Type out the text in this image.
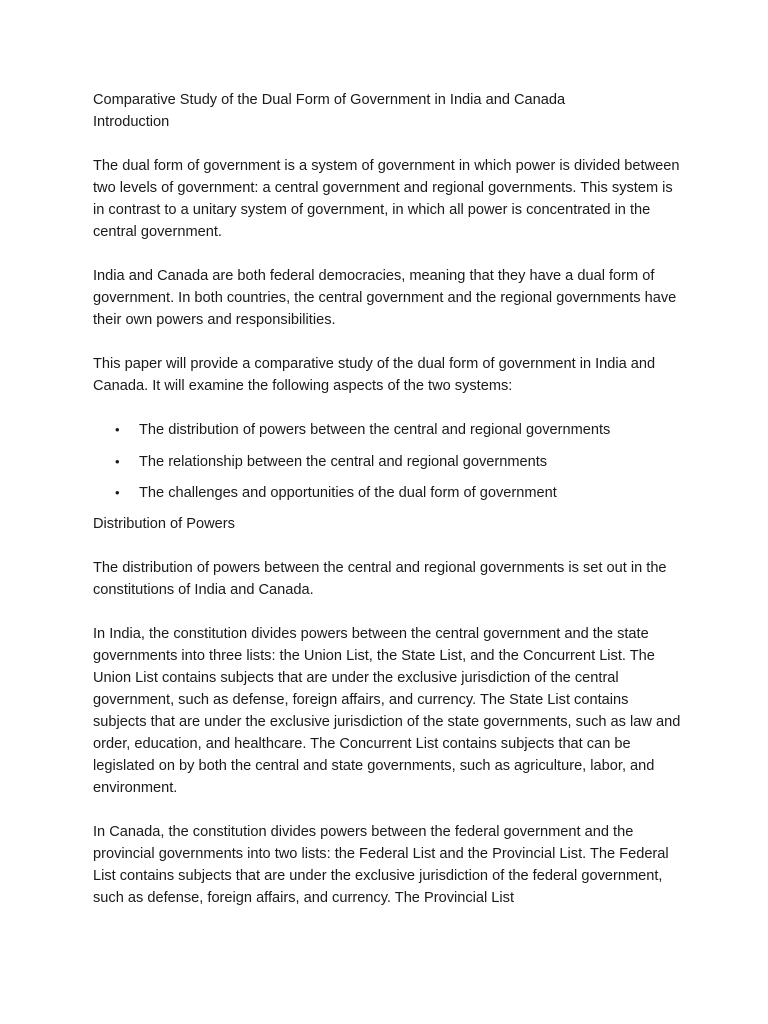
Comparative Study of the Dual Form of Government in India and Canada

Introduction

The dual form of government is a system of government in which power is divided between two levels of government: a central government and regional governments. This system is in contrast to a unitary system of government, in which all power is concentrated in the central government.

India and Canada are both federal democracies, meaning that they have a dual form of government. In both countries, the central government and the regional governments have their own powers and responsibilities.

This paper will provide a comparative study of the dual form of government in India and Canada. It will examine the following aspects of the two systems:

• The distribution of powers between the central and regional governments
• The relationship between the central and regional governments
• The challenges and opportunities of the dual form of government

Distribution of Powers

The distribution of powers between the central and regional governments is set out in the constitutions of India and Canada.

In India, the constitution divides powers between the central government and the state governments into three lists: the Union List, the State List, and the Concurrent List. The Union List contains subjects that are under the exclusive jurisdiction of the central government, such as defense, foreign affairs, and currency. The State List contains subjects that are under the exclusive jurisdiction of the state governments, such as law and order, education, and healthcare. The Concurrent List contains subjects that can be legislated on by both the central and state governments, such as agriculture, labor, and environment.

In Canada, the constitution divides powers between the federal government and the provincial governments into two lists: the Federal List and the Provincial List. The Federal List contains subjects that are under the exclusive jurisdiction of the federal government, such as defense, foreign affairs, and currency. The Provincial List
